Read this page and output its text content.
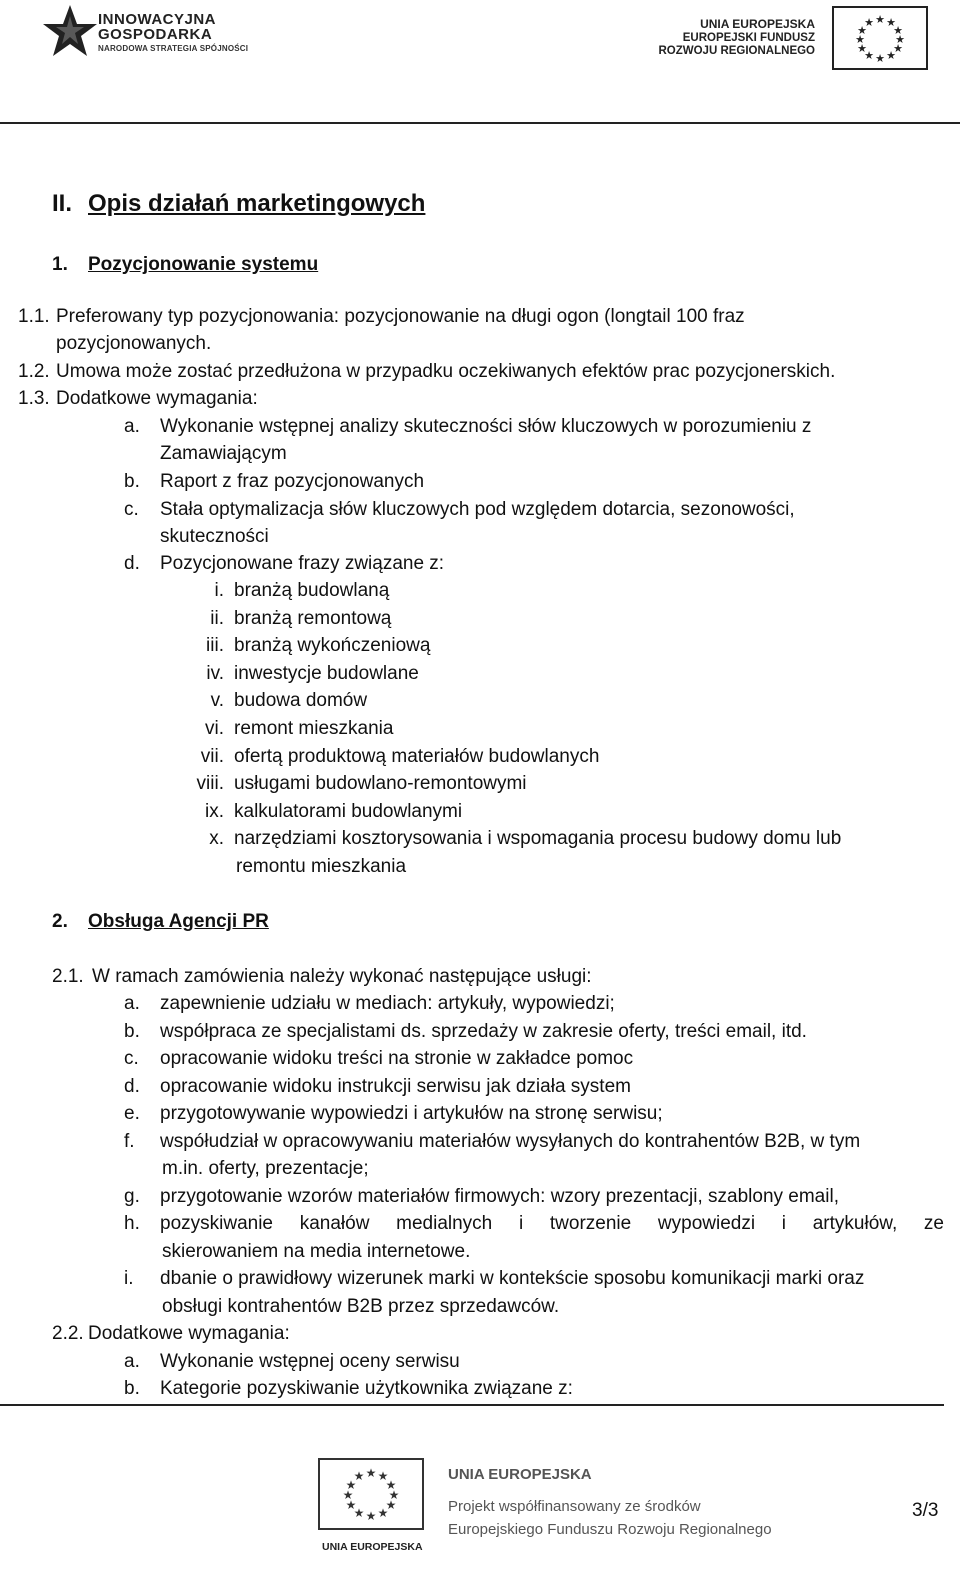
INNOWACYJNA
GOSPODARKA
NARODOWA STRATEGIA SPÓJNOŚCI
UNIA EUROPEJSKA
EUROPEJSKI FUNDUSZ
ROZWOJU REGIONALNEGO
★ ★
★
★
★
★
★
★
★
★
★
★
II. Opis działań marketingowych
1. Pozycjonowanie systemu
1.1. Preferowany typ pozycjonowania: pozycjonowanie na długi ogon (longtail 100 fraz
pozycjonowanych.
1.2. Umowa może zostać przedłużona w przypadku oczekiwanych efektów prac pozycjonerskich.
1.3. Dodatkowe wymagania:
a. Wykonanie wstępnej analizy skuteczności słów kluczowych w porozumieniu z
Zamawiającym
b. Raport z fraz pozycjonowanych
c. Stała optymalizacja słów kluczowych pod względem dotarcia, sezonowości,
skuteczności
d. Pozycjonowane frazy związane z:
i. branżą budowlaną
ii. branżą remontową
iii. branżą wykończeniową
iv. inwestycje budowlane
v. budowa domów
vi. remont mieszkania
vii. ofertą produktową materiałów budowlanych
viii. usługami budowlano-remontowymi
ix. kalkulatorami budowlanymi
x. narzędziami kosztorysowania i wspomagania procesu budowy domu lub
remontu mieszkania
2. Obsługa Agencji PR
2.1. W ramach zamówienia należy wykonać następujące usługi:
a. zapewnienie udziału w mediach: artykuły, wypowiedzi;
b. współpraca ze specjalistami ds. sprzedaży w zakresie oferty, treści email, itd.
c. opracowanie widoku treści na stronie w zakładce pomoc
d. opracowanie widoku instrukcji serwisu jak działa system
e. przygotowywanie wypowiedzi i artykułów na stronę serwisu;
f. współudział w opracowywaniu materiałów wysyłanych do kontrahentów B2B, w tym
m.in. oferty, prezentacje;
g. przygotowanie wzorów materiałów firmowych: wzory prezentacji, szablony email,
h. pozyskiwanie kanałów medialnych i tworzenie wypowiedzi i artykułów, ze
skierowaniem na media internetowe.
i. dbanie o prawidłowy wizerunek marki w kontekście sposobu komunikacji marki oraz
obsługi kontrahentów B2B przez sprzedawców.
2.2. Dodatkowe wymagania:
a. Wykonanie wstępnej oceny serwisu
b. Kategorie pozyskiwanie użytkownika związane z:
★ ★
★
★
★
★
★
★
★
★
★
★
UNIA EUROPEJSKA
UNIA EUROPEJSKA
Projekt współfinansowany ze środków
Europejskiego Funduszu Rozwoju Regionalnego
3/3
